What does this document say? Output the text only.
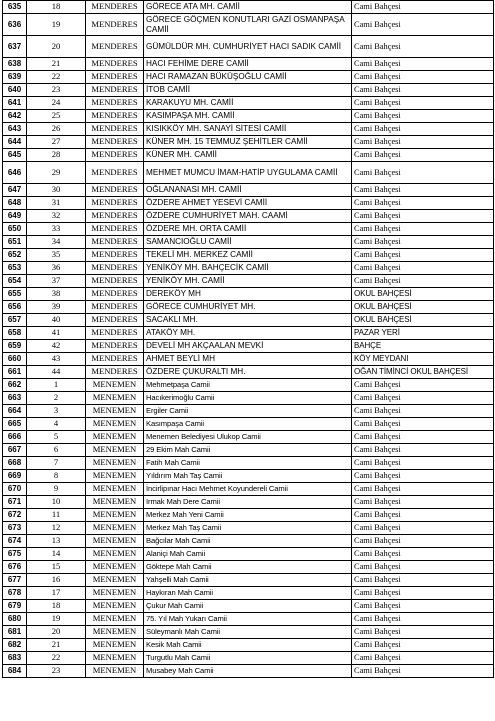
635	18	MENDERES	GÖRECE ATA MH. CAMİİ	Cami Bahçesi
636	19	MENDERES	GÖRECE GÖÇMEN KONUTLARI GAZİ OSMANPAŞA CAMİİ	Cami Bahçesi
637	20	MENDERES	GÜMÜLDÜR MH. CUMHURİYET HACI SADIK CAMİİ	Cami Bahçesi
638	21	MENDERES	HACI FEHİME DERE CAMİİ	Cami Bahçesi
639	22	MENDERES	HACI RAMAZAN BÜKÜŞOĞLU CAMİİ	Cami Bahçesi
640	23	MENDERES	İTOB CAMİİ	Cami Bahçesi
641	24	MENDERES	KARAKUYU MH. CAMİİ	Cami Bahçesi
642	25	MENDERES	KASIMPAŞA MH. CAMİİ	Cami Bahçesi
643	26	MENDERES	KISIKKÖY MH. SANAYİ SİTESİ CAMİİ	Cami Bahçesi
644	27	MENDERES	KÜNER MH. 15 TEMMUZ ŞEHİTLER CAMİİ	Cami Bahçesi
645	28	MENDERES	KÜNER MH. CAMİİ	Cami Bahçesi
646	29	MENDERES	MEHMET MUMCU İMAM-HATİP UYGULAMA CAMİİ	Cami Bahçesi
647	30	MENDERES	OĞLANANASI MH. CAMİİ	Cami Bahçesi
648	31	MENDERES	ÖZDERE AHMET YESEVİ CAMİİ	Cami Bahçesi
649	32	MENDERES	ÖZDERE CUMHURİYET MAH. CAAMİ	Cami Bahçesi
650	33	MENDERES	ÖZDERE MH. ORTA CAMİİ	Cami Bahçesi
651	34	MENDERES	SAMANCIOĞLU CAMİİ	Cami Bahçesi
652	35	MENDERES	TEKELİ MH. MERKEZ CAMİİ	Cami Bahçesi
653	36	MENDERES	YENİKÖY MH. BAHÇECİK CAMİİ	Cami Bahçesi
654	37	MENDERES	YENİKÖY MH. CAMİİ	Cami Bahçesi
655	38	MENDERES	DEREKÖY MH	OKUL BAHÇESİ
656	39	MENDERES	GÖRECE CUMHURİYET MH.	OKUL BAHÇESİ
657	40	MENDERES	SACAKLI MH.	OKUL BAHÇESİ
658	41	MENDERES	ATAKÖY MH.	PAZAR YERİ
659	42	MENDERES	DEVELİ MH AKÇAALAN MEVKİ	BAHÇE
660	43	MENDERES	AHMET BEYLİ MH	KÖY MEYDANI
661	44	MENDERES	ÖZDERE ÇUKURALTI MH.	OĞAN TİMİNCİ OKUL BAHÇESİ
662	1	MENEMEN	Mehmetpaşa Camii	Cami Bahçesi
663	2	MENEMEN	Hacıkerimoğlu Camii	Cami Bahçesi
664	3	MENEMEN	Ergiler Camii	Cami Bahçesi
665	4	MENEMEN	Kasımpaşa Camii	Cami Bahçesi
666	5	MENEMEN	Menemen Belediyesi Ulukop Camii	Cami Bahçesi
667	6	MENEMEN	29 Ekim Mah Camii	Cami Bahçesi
668	7	MENEMEN	Fatih Mah Camii	Cami Bahçesi
669	8	MENEMEN	Yıldırım Mah Taş Camii	Cami Bahçesi
670	9	MENEMEN	İncirlipınar Hacı Mehmet Koyundereli Camii	Cami Bahçesi
671	10	MENEMEN	Irmak Mah Dere Camii	Cami Bahçesi
672	11	MENEMEN	Merkez Mah Yeni Camii	Cami Bahçesi
673	12	MENEMEN	Merkez Mah Taş Camii	Cami Bahçesi
674	13	MENEMEN	Bağcılar Mah Camii	Cami Bahçesi
675	14	MENEMEN	Alaniçi Mah Camii	Cami Bahçesi
676	15	MENEMEN	Göktepe Mah Camii	Cami Bahçesi
677	16	MENEMEN	Yahşelli Mah Camii	Cami Bahçesi
678	17	MENEMEN	Haykıran Mah Camii	Cami Bahçesi
679	18	MENEMEN	Çukur Mah Camii	Cami Bahçesi
680	19	MENEMEN	75. Yıl Mah Yukarı Camii	Cami Bahçesi
681	20	MENEMEN	Süleymanlı Mah Camii	Cami Bahçesi
682	21	MENEMEN	Kesik Mah Camii	Cami Bahçesi
683	22	MENEMEN	Turgutlu Mah Camii	Cami Bahçesi
684	23	MENEMEN	Musabey Mah Camii	Cami Bahçesi
